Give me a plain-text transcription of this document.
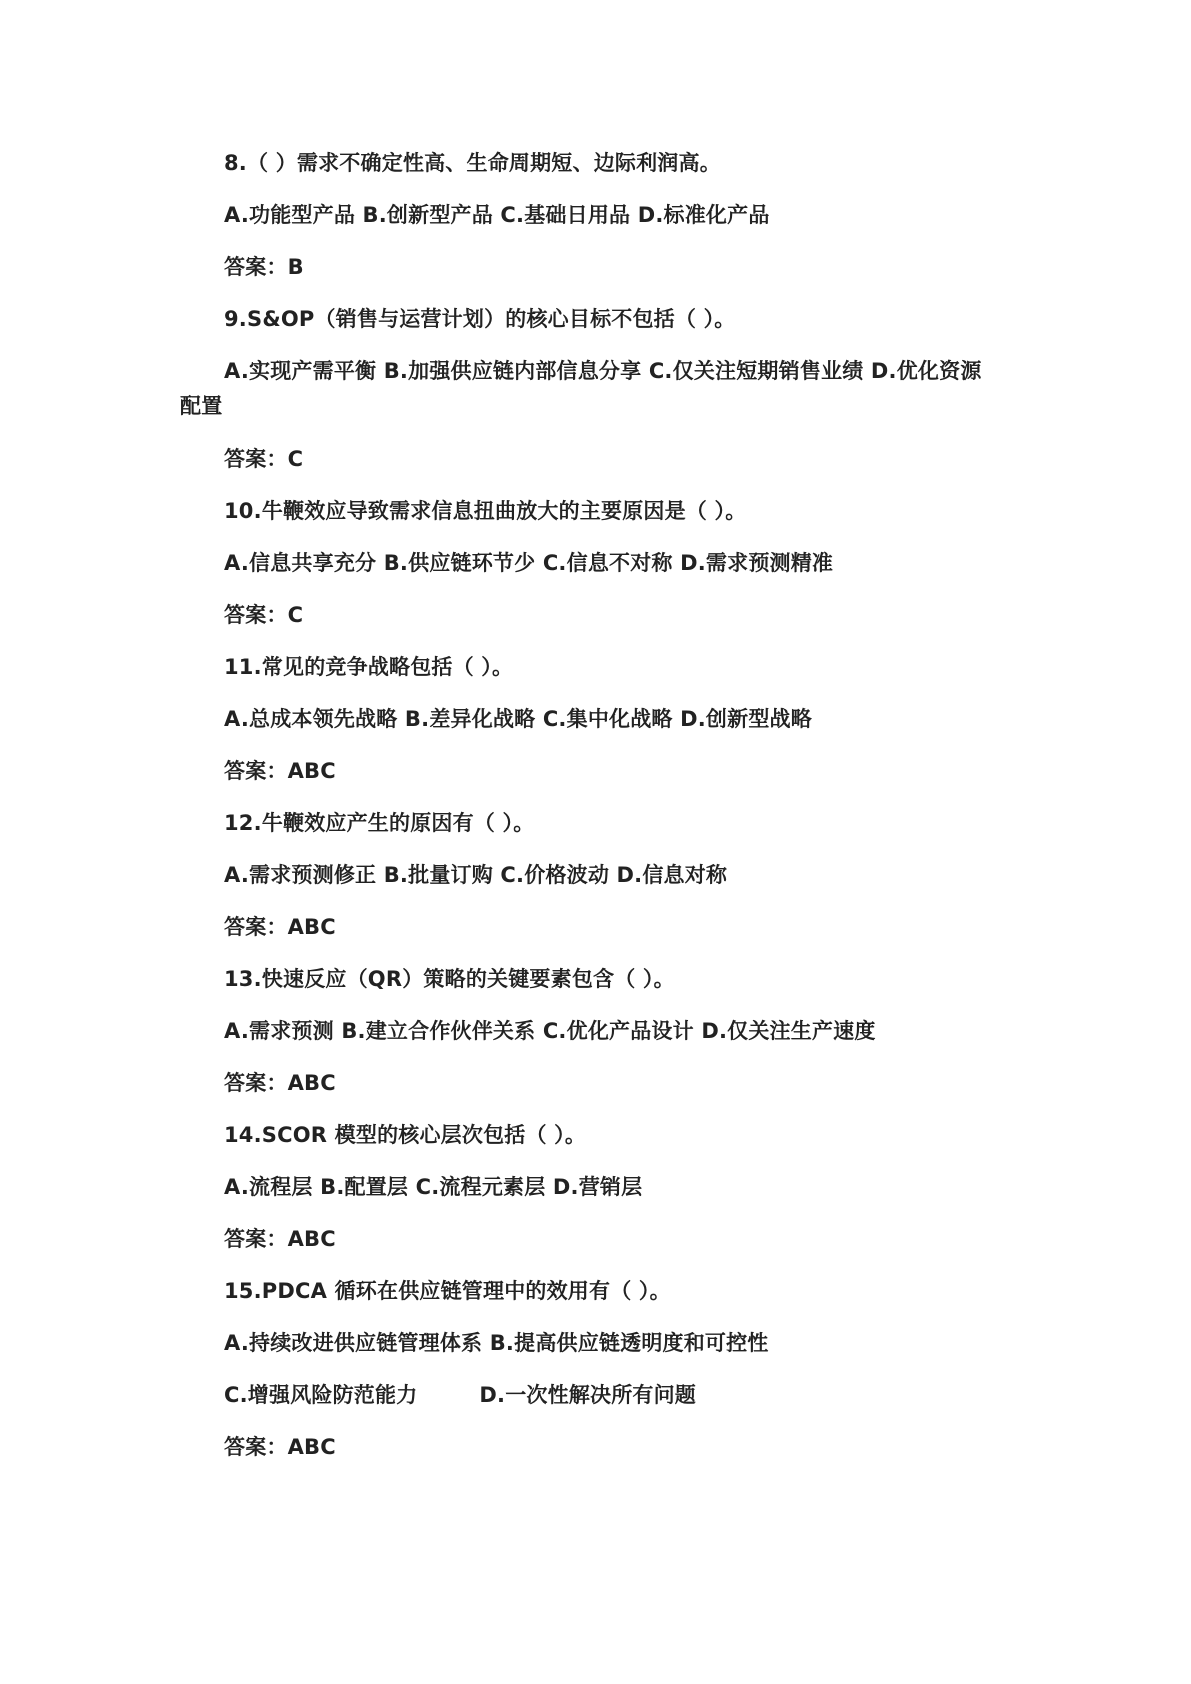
8.（ ）需求不确定性高、生命周期短、边际利润高。
A.功能型产品 B.创新型产品 C.基础日用品 D.标准化产品
答案：B
9.S&OP（销售与运营计划）的核心目标不包括（ ）。
A.实现产需平衡 B.加强供应链内部信息分享 C.仅关注短期销售业绩 D.优化资源
配置
答案：C
10.牛鞭效应导致需求信息扭曲放大的主要原因是（ ）。
A.信息共享充分 B.供应链环节少 C.信息不对称 D.需求预测精准
答案：C
11.常见的竞争战略包括（ ）。
A.总成本领先战略 B.差异化战略 C.集中化战略 D.创新型战略
答案：ABC
12.牛鞭效应产生的原因有（ ）。
A.需求预测修正 B.批量订购 C.价格波动 D.信息对称
答案：ABC
13.快速反应（QR）策略的关键要素包含（ ）。
A.需求预测 B.建立合作伙伴关系 C.优化产品设计 D.仅关注生产速度
答案：ABC
14.SCOR 模型的核心层次包括（ ）。
A.流程层 B.配置层 C.流程元素层 D.营销层
答案：ABC
15.PDCA 循环在供应链管理中的效用有（ ）。
A.持续改进供应链管理体系 B.提高供应链透明度和可控性
C.增强风险防范能力	D.一次性解决所有问题
答案：ABC
